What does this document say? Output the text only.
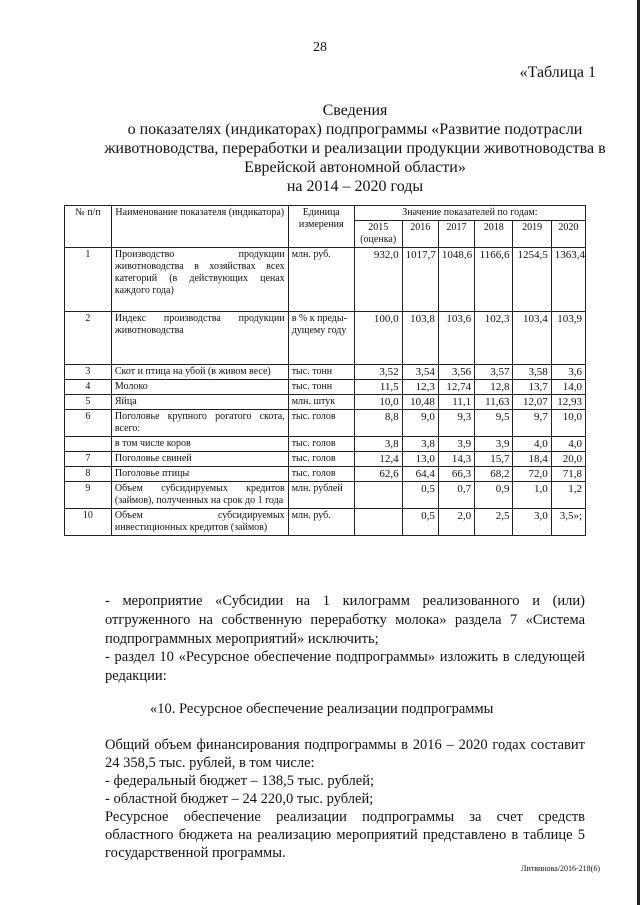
28
«Таблица 1
Сведения
о показателях (индикаторах) подпрограммы «Развитие подотрасли
животноводства, переработки и реализации продукции животноводства в
Еврейской автономной области»
на 2014 – 2020 годы
№ п/п	Наименование показателя (индикатора)	Единица измерения	Значение показателей по годам:					
			2015 (оценка)	2016	2017	2018	2019	2020
1	Производство продукции животноводства в хозяйствах всех категорий (в действующих ценах каждого года)	млн. руб.	932,0	1017,7	1048,6	1166,6	1254,5	1363,4
2	Индекс производства продукции животноводства	в % к преды-дущему году	100,0	103,8	103,6	102,3	103,4	103,9
3	Скот и птица на убой (в живом весе)	тыс. тонн	3,52	3,54	3,56	3,57	3,58	3,6
4	Молоко	тыс. тонн	11,5	12,3	12,74	12,8	13,7	14,0
5	Яйца	млн. штук	10,0	10,48	11,1	11,63	12,07	12,93
6	Поголовье крупного рогатого скота, всего:	тыс. голов	8,8	9,0	9,3	9,5	9,7	10,0
	в том числе коров	тыс. голов	3,8	3,8	3,9	3,9	4,0	4,0
7	Поголовье свиней	тыс. голов	12,4	13,0	14,3	15,7	18,4	20,0
8	Поголовье птицы	тыс. голов	62,6	64,4	66,3	68,2	72,0	71,8
9	Объем субсидируемых кредитов (займов), полученных на срок до 1 года	млн. рублей		0,5	0,7	0,9	1,0	1,2
10	Объем субсидируемых инвестиционных кредитов (займов)	млн. руб.		0,5	2,0	2,5	3,0	3,5»;
- мероприятие «Субсидии на 1 килограмм реализованного и (или) отгруженного на собственную переработку молока» раздела 7 «Система подпрограммных мероприятий» исключить;
- раздел 10 «Ресурсное обеспечение подпрограммы» изложить в следующей редакции:
«10. Ресурсное обеспечение реализации подпрограммы
Общий объем финансирования подпрограммы в 2016 – 2020 годах составит 24 358,5 тыс. рублей, в том числе:
- федеральный бюджет – 138,5 тыс. рублей;
- областной бюджет – 24 220,0 тыс. рублей;
Ресурсное обеспечение реализации подпрограммы за счет средств областного бюджета на реализацию мероприятий представлено в таблице 5 государственной программы.
Литвинова/2016-218(6)
